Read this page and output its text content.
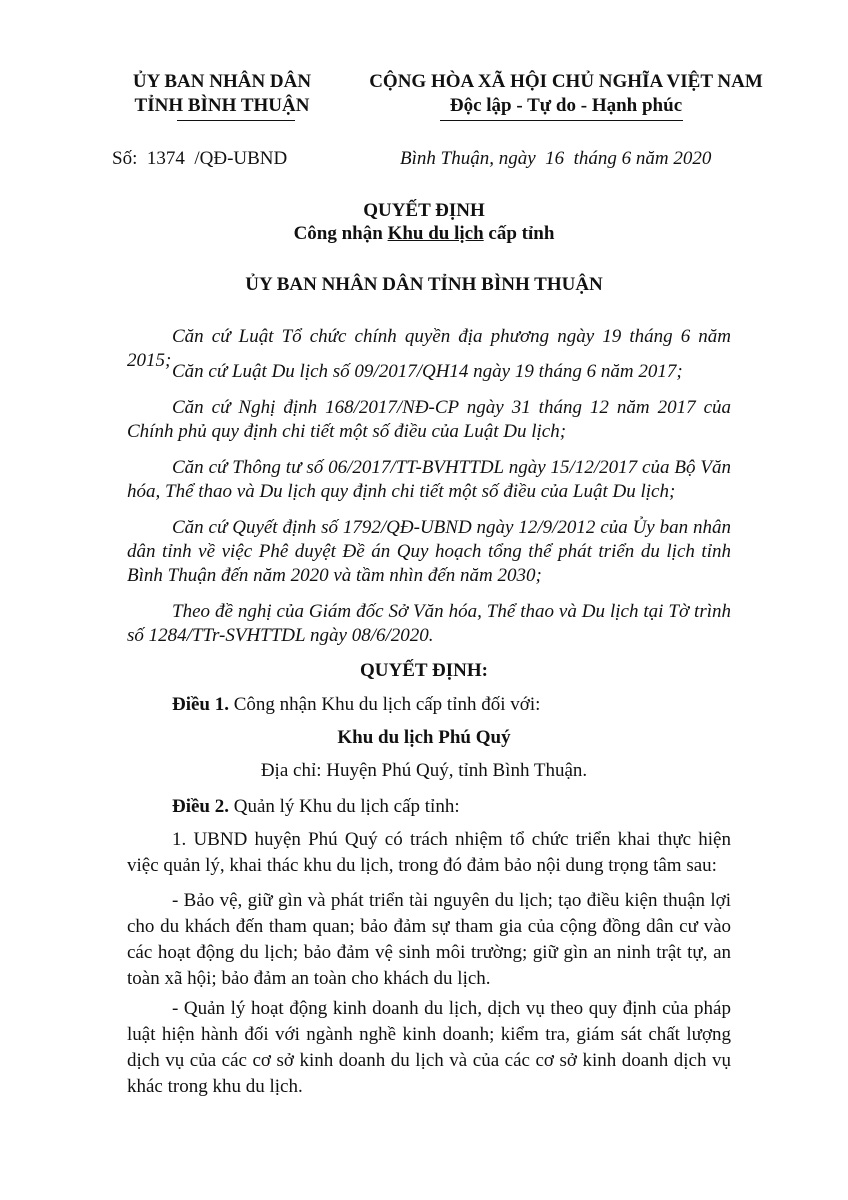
ỦY BAN NHÂN DÂN
TỈNH BÌNH THUẬN
CỘNG HÒA XÃ HỘI CHỦ NGHĨA VIỆT NAM
Độc lập - Tự do - Hạnh phúc
Số:  1374  /QĐ-UBND	Bình Thuận, ngày  16  tháng 6 năm 2020
QUYẾT ĐỊNH
Công nhận Khu du lịch cấp tỉnh
ỦY BAN NHÂN DÂN TỈNH BÌNH THUẬN

Căn cứ Luật Tổ chức chính quyền địa phương ngày 19 tháng 6 năm 2015;

Căn cứ Luật Du lịch số 09/2017/QH14 ngày 19 tháng 6 năm 2017;

Căn cứ Nghị định 168/2017/NĐ-CP ngày 31 tháng 12 năm 2017 của Chính phủ quy định chi tiết một số điều của Luật Du lịch;

Căn cứ Thông tư số 06/2017/TT-BVHTTDL ngày 15/12/2017 của Bộ Văn hóa, Thể thao và Du lịch quy định chi tiết một số điều của Luật Du lịch;

Căn cứ Quyết định số 1792/QĐ-UBND ngày 12/9/2012 của Ủy ban nhân dân tỉnh về việc Phê duyệt Đề án Quy hoạch tổng thể phát triển du lịch tỉnh Bình Thuận đến năm 2020 và tầm nhìn đến năm 2030;

Theo đề nghị của Giám đốc Sở Văn hóa, Thể thao và Du lịch tại Tờ trình số 1284/TTr-SVHTTDL ngày 08/6/2020.

QUYẾT ĐỊNH:

Điều 1. Công nhận Khu du lịch cấp tỉnh đối với:

Khu du lịch Phú Quý
Địa chỉ: Huyện Phú Quý, tỉnh Bình Thuận.

Điều 2. Quản lý Khu du lịch cấp tỉnh:

1. UBND huyện Phú Quý có trách nhiệm tổ chức triển khai thực hiện việc quản lý, khai thác khu du lịch, trong đó đảm bảo nội dung trọng tâm sau:

- Bảo vệ, giữ gìn và phát triển tài nguyên du lịch; tạo điều kiện thuận lợi cho du khách đến tham quan; bảo đảm sự tham gia của cộng đồng dân cư vào các hoạt động du lịch; bảo đảm vệ sinh môi trường; giữ gìn an ninh trật tự, an toàn xã hội; bảo đảm an toàn cho khách du lịch.

- Quản lý hoạt động kinh doanh du lịch, dịch vụ theo quy định của pháp luật hiện hành đối với ngành nghề kinh doanh; kiểm tra, giám sát chất lượng dịch vụ của các cơ sở kinh doanh du lịch và của các cơ sở kinh doanh dịch vụ khác trong khu du lịch.
